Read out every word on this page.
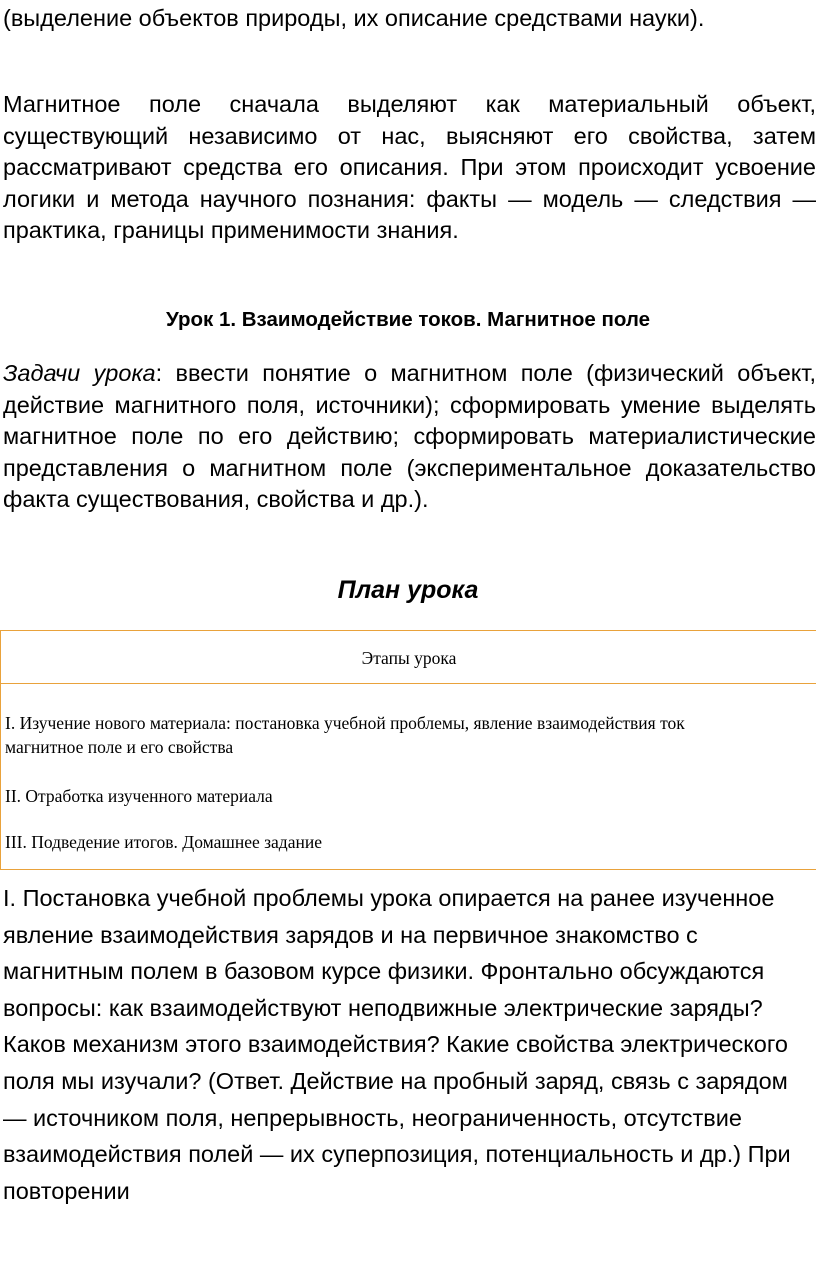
(выделение объектов природы, их описание средствами науки).

Магнитное поле сначала выделяют как материальный объект, существующий независимо от нас, выясняют его свойства, затем рассматривают средства его описания. При этом происходит усвоение логики и метода научного познания: факты — модель — следствия — практика, границы применимости знания.

Урок 1. Взаимодействие токов. Магнитное поле

Задачи урока: ввести понятие о магнитном поле (физический объект, действие магнитного поля, источники); сформировать умение выделять магнитное поле по его действию; сформировать материалистические представления о магнитном поле (экспериментальное доказательство факта существования, свойства и др.).

План урока
Этапы урока
I. Изучение нового материала: постановка учебной проблемы, явление взаимодействия ток
магнитное поле и его свойства
II. Отработка изученного материала
III. Подведение итогов. Домашнее задание

I. Постановка учебной проблемы урока опирается на ранее изученное явление взаимодействия зарядов и на первичное знакомство с магнитным полем в базовом курсе физики. Фронтально обсуждаются вопросы: как взаимодействуют неподвижные электрические заряды? Каков механизм этого взаимодействия? Какие свойства электрического поля мы изучали? (Ответ. Действие на пробный заряд, связь с зарядом — источником поля, непрерывность, неограниченность, отсутствие взаимодействия полей — их суперпозиция, потенциальность и др.) При повторении
